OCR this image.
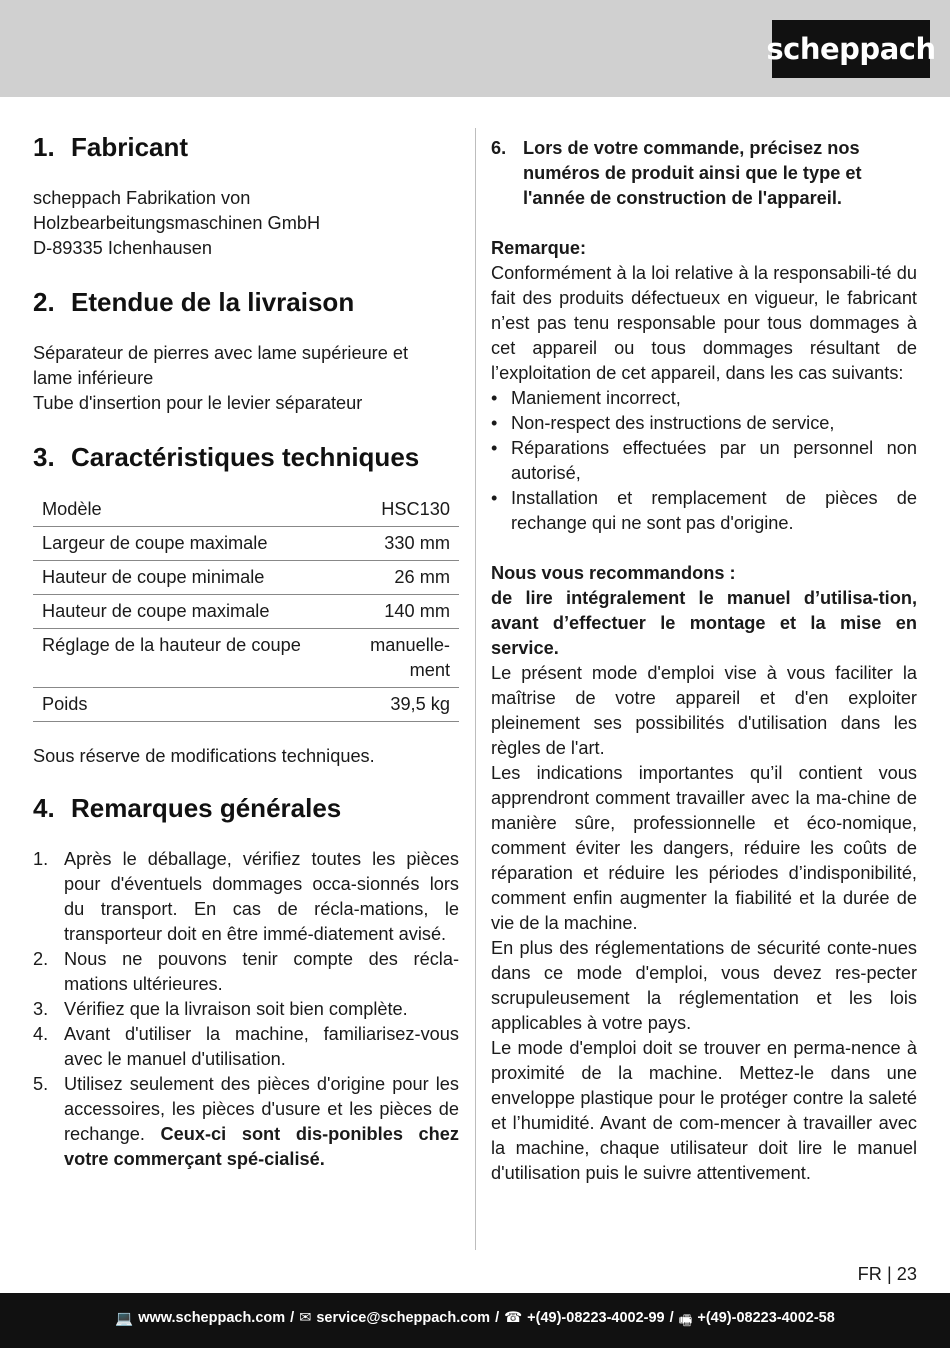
scheppach
1. Fabricant

scheppach Fabrikation von

Holzbearbeitungsmaschinen GmbH

D-89335 Ichenhausen

2. Etendue de la livraison

Séparateur de pierres avec lame supérieure et

lame inférieure

Tube d'insertion pour le levier séparateur

3. Caractéristiques techniques
Modèle	HSC130
Largeur de coupe maximale	330 mm
Hauteur de coupe minimale	26 mm
Hauteur de coupe maximale	140 mm
Réglage de la hauteur de coupe	manuelle-ment
Poids	39,5 kg

Sous réserve de modifications techniques.

4. Remarques générales
1. Après le déballage, vérifiez toutes les pièces pour d'éventuels dommages occa-sionnés lors du transport. En cas de récla-mations, le transporteur doit en être immé-diatement avisé.
2. Nous ne pouvons tenir compte des récla-mations ultérieures.
3. Vérifiez que la livraison soit bien complète.
4. Avant d'utiliser la machine, familiarisez-vous avec le manuel d'utilisation.
5. Utilisez seulement des pièces d'origine pour les accessoires, les pièces d'usure et les pièces de rechange. Ceux-ci sont dis-ponibles chez votre commerçant spé-cialisé.
6. Lors de votre commande, précisez nos numéros de produit ainsi que le type et l'année de construction de l'appareil.

Remarque:

Conformément à la loi relative à la responsabili-té du fait des produits défectueux en vigueur, le fabricant n’est pas tenu responsable pour tous dommages à cet appareil ou tous dommages résultant de l’exploitation de cet appareil, dans les cas suivants:

• Maniement incorrect,
• Non-respect des instructions de service,
• Réparations effectuées par un personnel non autorisé,
• Installation et remplacement de pièces de rechange qui ne sont pas d'origine.

Nous vous recommandons :

de lire intégralement le manuel d’utilisa-tion, avant d’effectuer le montage et la mise en service.

Le présent mode d'emploi vise à vous faciliter la maîtrise de votre appareil et d'en exploiter pleinement ses possibilités d'utilisation dans les règles de l'art.

Les indications importantes qu’il contient vous apprendront comment travailler avec la ma-chine de manière sûre, professionnelle et éco-nomique, comment éviter les dangers, réduire les coûts de réparation et réduire les périodes d’indisponibilité, comment enfin augmenter la fiabilité et la durée de vie de la machine.

En plus des réglementations de sécurité conte-nues dans ce mode d'emploi, vous devez res-pecter scrupuleusement la réglementation et les lois applicables à votre pays.

Le mode d'emploi doit se trouver en perma-nence à proximité de la machine. Mettez-le dans une enveloppe plastique pour le protéger contre la saleté et l’humidité. Avant de com-mencer à travailler avec la machine, chaque utilisateur doit lire le manuel d'utilisation puis le suivre attentivement.

FR | 23
💻 www.scheppach.com / ✉ service@scheppach.com / ☎ +(49)-08223-4002-99 / 🖷 +(49)-08223-4002-58
